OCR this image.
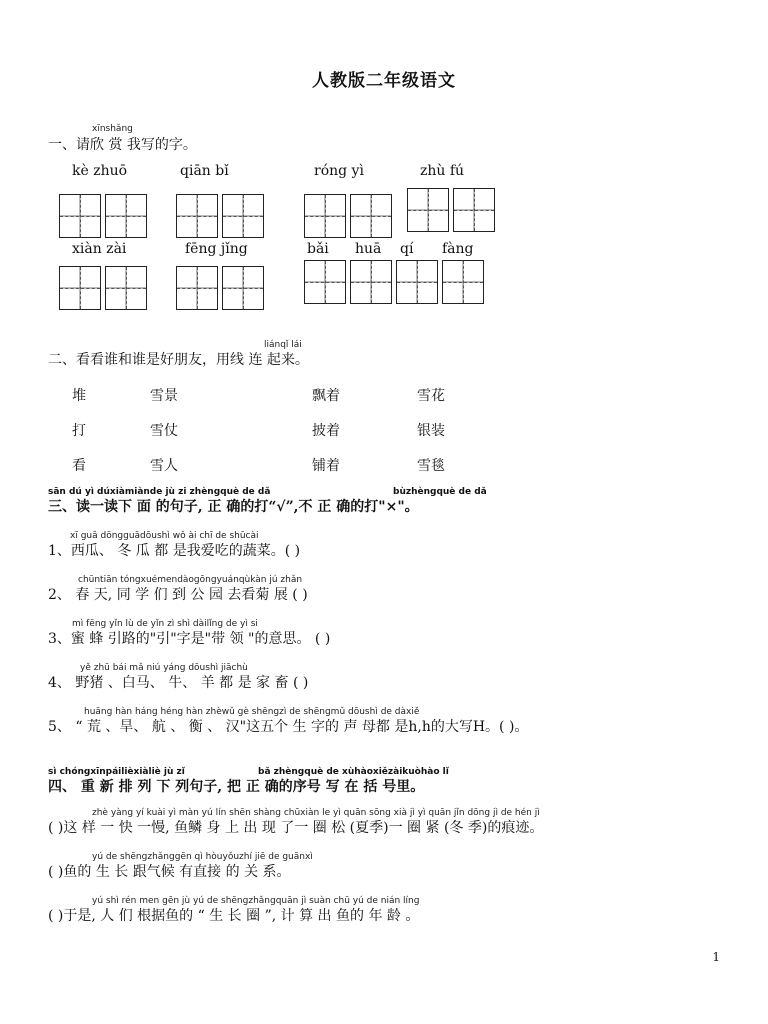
人教版二年级语文
xīnshǎng
一、请欣 赏 我写的字。
kè zhuō	qiān bǐ	róng yì	zhù fú
xiàn zài	fēng jǐng	bǎi huā qí fàng
liánqǐ lái
二、看看谁和谁是好朋友，用线 连 起来。
堆	雪景	飘着	雪花
打	雪仗	披着	银装
看	雪人	铺着	雪毯
sān dú yì dúxiàmiànde jù zi zhèngquè de dǎ	bùzhèngquè de dǎ
三、读一读下 面 的句子, 正 确的打“√”,不 正 确的打"×"。
xī guā dōngguādōushì wǒ ài chī de shūcài
1、西瓜、 冬 瓜 都 是我爱吃的蔬菜。( )
chūntiān tóngxuémendàogōngyuánqùkàn jú zhǎn
2、 春 天, 同 学 们 到 公 园 去看菊 展 ( )
mì fēng yǐn lù de yǐn zì shì dàilǐng de yì si
3、蜜 蜂 引路的"引"字是"带 领 "的意思。 ( )
yě zhū bái mǎ niú yáng dōushì jiāchù
4、 野猪 、白马、 牛、 羊 都 是 家 畜 ( )
huāng hàn háng héng hàn zhèwǔ gè shēngzì de shēngmǔ dōushì de dàxiě
5、 “ 荒 、旱、 航 、 衡 、 汉"这五个 生 字的 声 母都 是h,h的大写H。( )。
sì chóngxīnpáilièxiàliè jù zǐ	bǎ zhèngquè de xùhàoxiězàikuòhào lǐ
四、 重 新 排 列 下 列句子, 把 正 确的序号 写 在 括 号里。
zhè yàng yí kuài yì màn yú lín shēn shàng chūxiàn le yì quān sōng xià jì yì quān jǐn dōng jì de hén jì
( )这 样 一 快 一慢, 鱼鳞 身 上 出 现 了一 圈 松 (夏季)一 圈 紧 (冬 季)的痕迹。
yú de shēngzhǎnggēn qì hòuyǒuzhí jiē de guānxì
( )鱼的 生 长 跟气候 有直接 的 关 系。
yú shì rén men gēn jù yú de shēngzhǎngquān jì suàn chū yú de nián líng
( )于是, 人 们 根据鱼的 “ 生 长 圈 ”, 计 算 出 鱼的 年 龄 。
1
